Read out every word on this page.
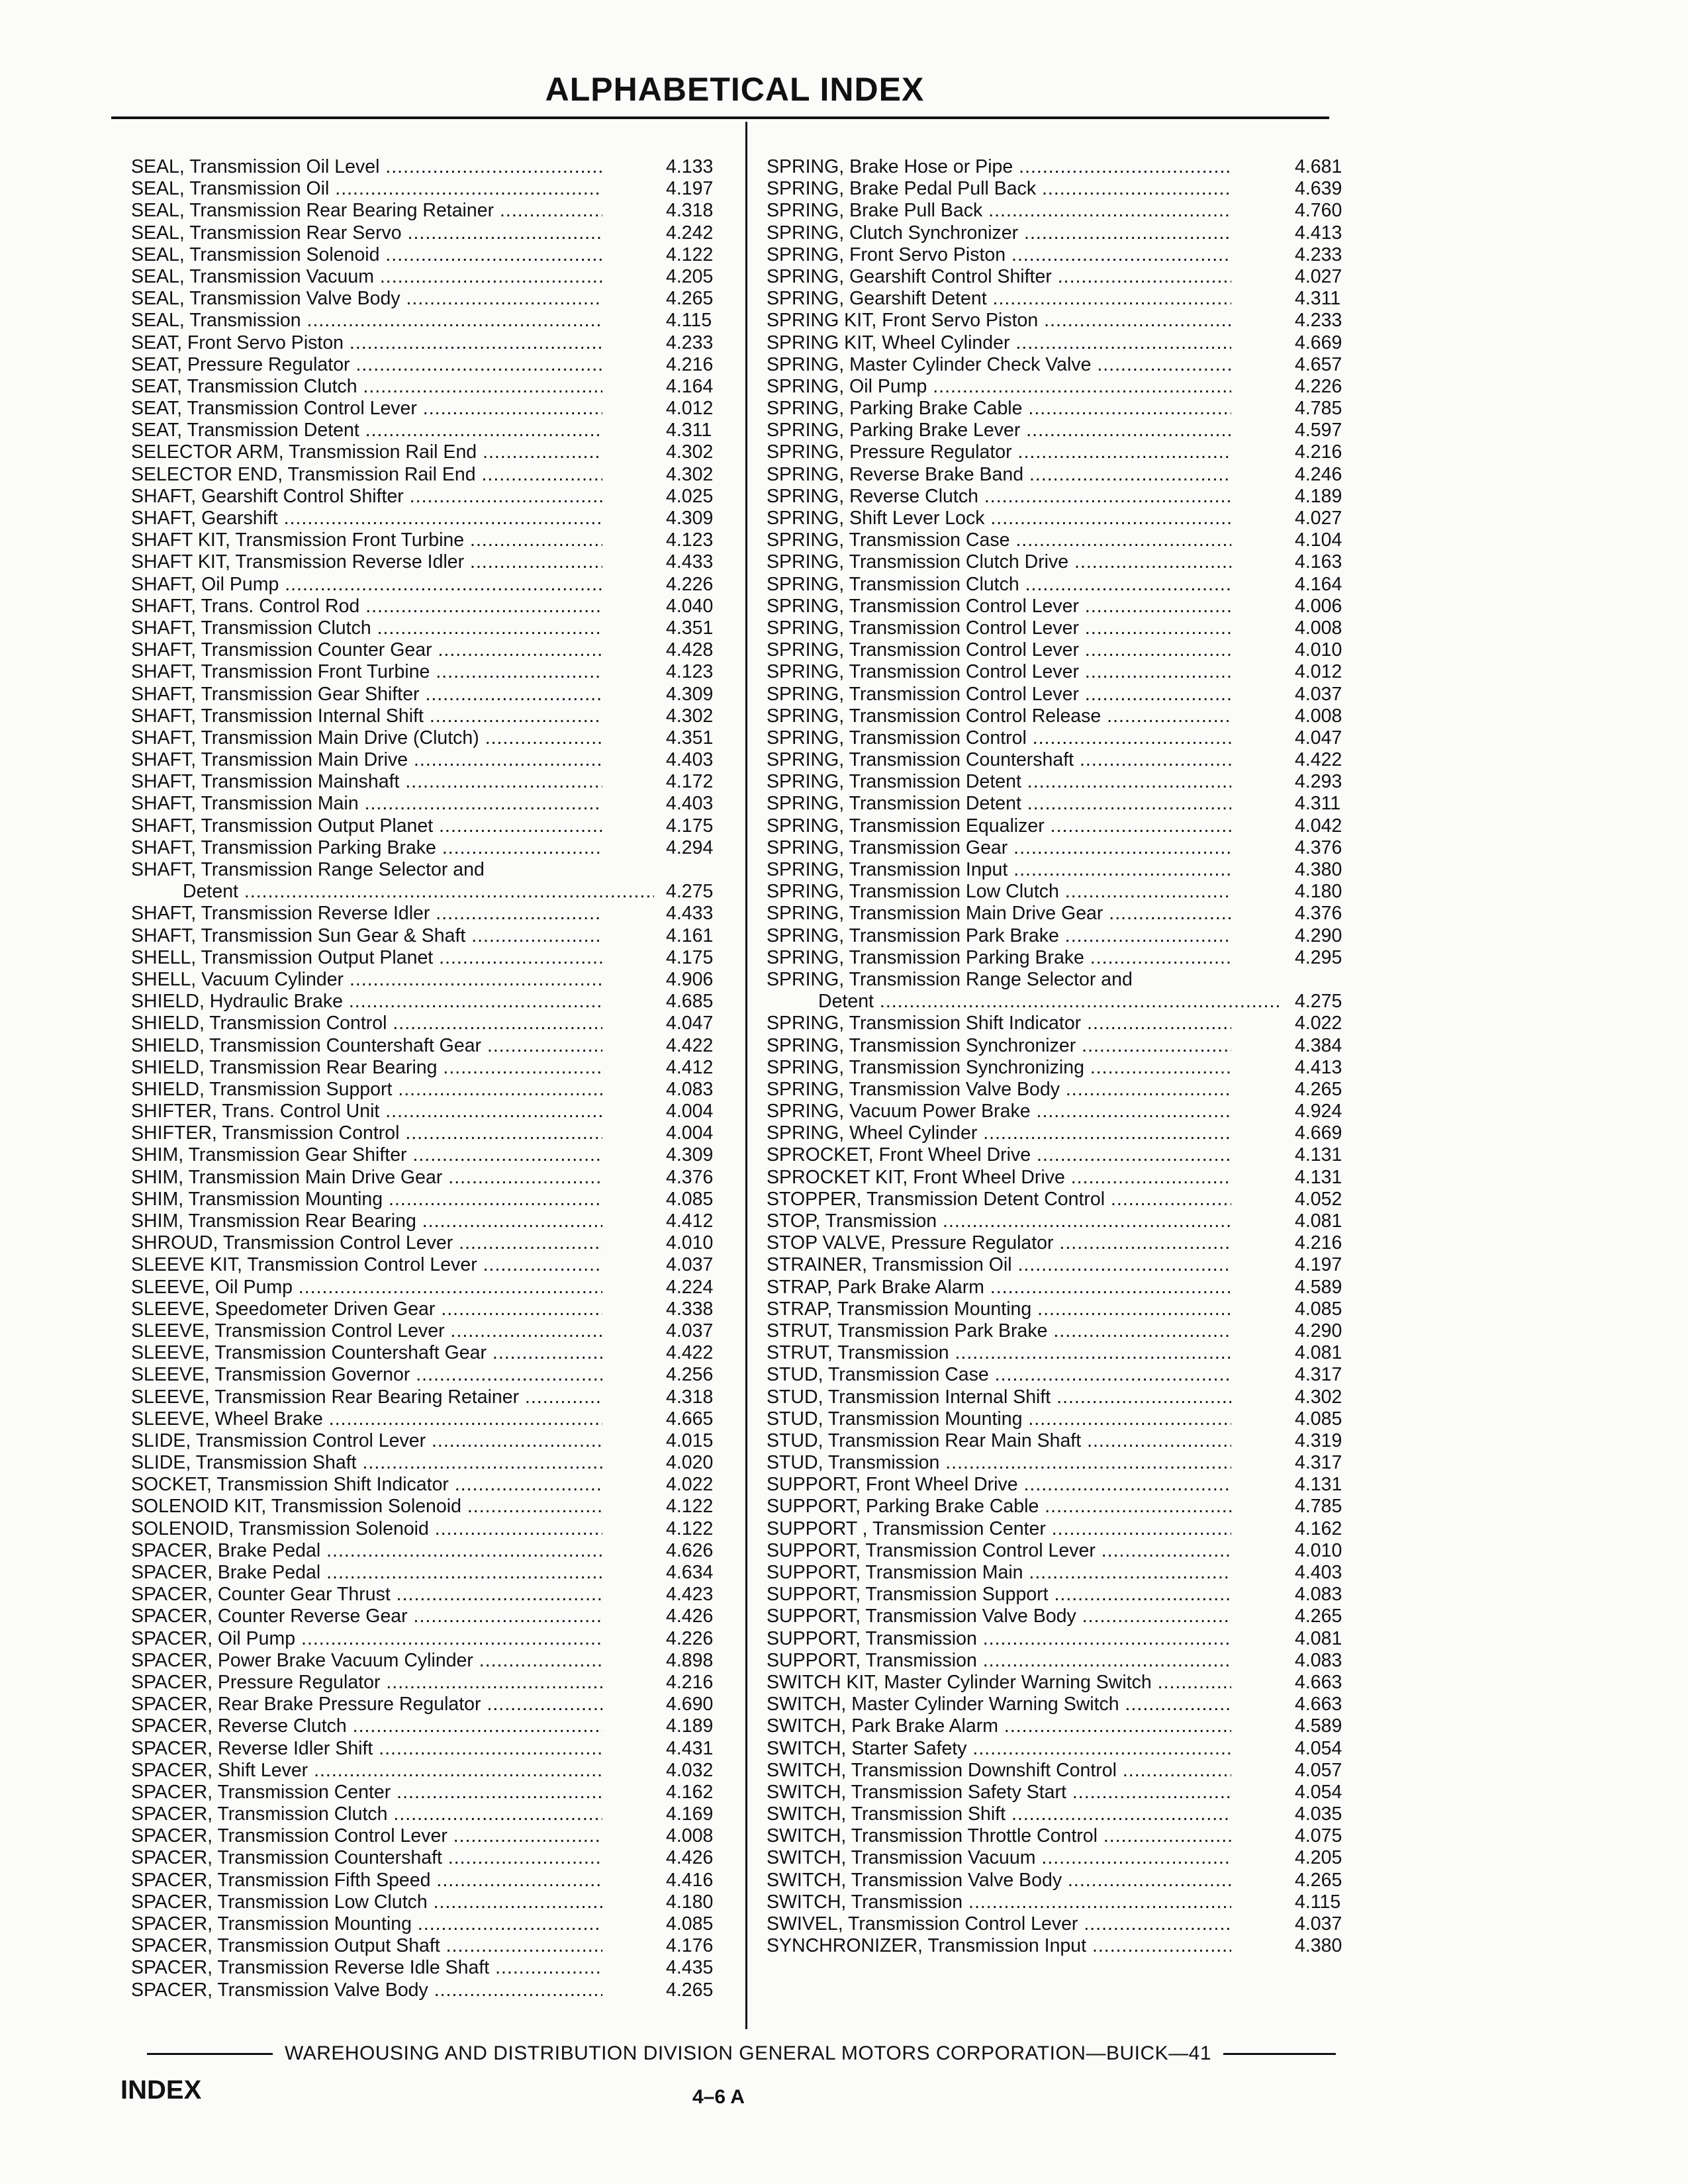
ALPHABETICAL INDEX
SEAL, Transmission Oil Level .....	4.133
SEAL, Transmission Oil .....	4.197
SEAL, Transmission Rear Bearing Retainer .....	4.318
SEAL, Transmission Rear Servo .....	4.242
SEAL, Transmission Solenoid .....	4.122
SEAL, Transmission Vacuum .....	4.205
SEAL, Transmission Valve Body .....	4.265
SEAL, Transmission .....	4.115
SEAT, Front Servo Piston .....	4.233
SEAT, Pressure Regulator .....	4.216
SEAT, Transmission Clutch .....	4.164
SEAT, Transmission Control Lever .....	4.012
SEAT, Transmission Detent .....	4.311
SELECTOR ARM, Transmission Rail End .....	4.302
SELECTOR END, Transmission Rail End .....	4.302
SHAFT, Gearshift Control Shifter .....	4.025
SHAFT, Gearshift .....	4.309
SHAFT KIT, Transmission Front Turbine .....	4.123
SHAFT KIT, Transmission Reverse Idler .....	4.433
SHAFT, Oil Pump .....	4.226
SHAFT, Trans. Control Rod .....	4.040
SHAFT, Transmission Clutch .....	4.351
SHAFT, Transmission Counter Gear .....	4.428
SHAFT, Transmission Front Turbine .....	4.123
SHAFT, Transmission Gear Shifter .....	4.309
SHAFT, Transmission Internal Shift .....	4.302
SHAFT, Transmission Main Drive (Clutch) .....	4.351
SHAFT, Transmission Main Drive .....	4.403
SHAFT, Transmission Mainshaft .....	4.172
SHAFT, Transmission Main .....	4.403
SHAFT, Transmission Output Planet .....	4.175
SHAFT, Transmission Parking Brake .....	4.294
SHAFT, Transmission Range Selector and
Detent .....	4.275
SHAFT, Transmission Reverse Idler .....	4.433
SHAFT, Transmission Sun Gear & Shaft .....	4.161
SHELL, Transmission Output Planet .....	4.175
SHELL, Vacuum Cylinder .....	4.906
SHIELD, Hydraulic Brake .....	4.685
SHIELD, Transmission Control .....	4.047
SHIELD, Transmission Countershaft Gear .....	4.422
SHIELD, Transmission Rear Bearing .....	4.412
SHIELD, Transmission Support .....	4.083
SHIFTER, Trans. Control Unit .....	4.004
SHIFTER, Transmission Control .....	4.004
SHIM, Transmission Gear Shifter .....	4.309
SHIM, Transmission Main Drive Gear .....	4.376
SHIM, Transmission Mounting .....	4.085
SHIM, Transmission Rear Bearing .....	4.412
SHROUD, Transmission Control Lever .....	4.010
SLEEVE KIT, Transmission Control Lever .....	4.037
SLEEVE, Oil Pump .....	4.224
SLEEVE, Speedometer Driven Gear .....	4.338
SLEEVE, Transmission Control Lever .....	4.037
SLEEVE, Transmission Countershaft Gear .....	4.422
SLEEVE, Transmission Governor .....	4.256
SLEEVE, Transmission Rear Bearing Retainer .....	4.318
SLEEVE, Wheel Brake .....	4.665
SLIDE, Transmission Control Lever .....	4.015
SLIDE, Transmission Shaft .....	4.020
SOCKET, Transmission Shift Indicator .....	4.022
SOLENOID KIT, Transmission Solenoid .....	4.122
SOLENOID, Transmission Solenoid .....	4.122
SPACER, Brake Pedal .....	4.626
SPACER, Brake Pedal .....	4.634
SPACER, Counter Gear Thrust .....	4.423
SPACER, Counter Reverse Gear .....	4.426
SPACER, Oil Pump .....	4.226
SPACER, Power Brake Vacuum Cylinder .....	4.898
SPACER, Pressure Regulator .....	4.216
SPACER, Rear Brake Pressure Regulator .....	4.690
SPACER, Reverse Clutch .....	4.189
SPACER, Reverse Idler Shift .....	4.431
SPACER, Shift Lever .....	4.032
SPACER, Transmission Center .....	4.162
SPACER, Transmission Clutch .....	4.169
SPACER, Transmission Control Lever .....	4.008
SPACER, Transmission Countershaft .....	4.426
SPACER, Transmission Fifth Speed .....	4.416
SPACER, Transmission Low Clutch .....	4.180
SPACER, Transmission Mounting .....	4.085
SPACER, Transmission Output Shaft .....	4.176
SPACER, Transmission Reverse Idle Shaft .....	4.435
SPACER, Transmission Valve Body .....	4.265
SPRING, Brake Hose or Pipe .....	4.681
SPRING, Brake Pedal Pull Back .....	4.639
SPRING, Brake Pull Back .....	4.760
SPRING, Clutch Synchronizer .....	4.413
SPRING, Front Servo Piston .....	4.233
SPRING, Gearshift Control Shifter .....	4.027
SPRING, Gearshift Detent .....	4.311
SPRING KIT, Front Servo Piston .....	4.233
SPRING KIT, Wheel Cylinder .....	4.669
SPRING, Master Cylinder Check Valve .....	4.657
SPRING, Oil Pump .....	4.226
SPRING, Parking Brake Cable .....	4.785
SPRING, Parking Brake Lever .....	4.597
SPRING, Pressure Regulator .....	4.216
SPRING, Reverse Brake Band .....	4.246
SPRING, Reverse Clutch .....	4.189
SPRING, Shift Lever Lock .....	4.027
SPRING, Transmission Case .....	4.104
SPRING, Transmission Clutch Drive .....	4.163
SPRING, Transmission Clutch .....	4.164
SPRING, Transmission Control Lever .....	4.006
SPRING, Transmission Control Lever .....	4.008
SPRING, Transmission Control Lever .....	4.010
SPRING, Transmission Control Lever .....	4.012
SPRING, Transmission Control Lever .....	4.037
SPRING, Transmission Control Release .....	4.008
SPRING, Transmission Control .....	4.047
SPRING, Transmission Countershaft .....	4.422
SPRING, Transmission Detent .....	4.293
SPRING, Transmission Detent .....	4.311
SPRING, Transmission Equalizer .....	4.042
SPRING, Transmission Gear .....	4.376
SPRING, Transmission Input .....	4.380
SPRING, Transmission Low Clutch .....	4.180
SPRING, Transmission Main Drive Gear .....	4.376
SPRING, Transmission Park Brake .....	4.290
SPRING, Transmission Parking Brake .....	4.295
SPRING, Transmission Range Selector and
Detent .....	4.275
SPRING, Transmission Shift Indicator .....	4.022
SPRING, Transmission Synchronizer .....	4.384
SPRING, Transmission Synchronizing .....	4.413
SPRING, Transmission Valve Body .....	4.265
SPRING, Vacuum Power Brake .....	4.924
SPRING, Wheel Cylinder .....	4.669
SPROCKET, Front Wheel Drive .....	4.131
SPROCKET KIT, Front Wheel Drive .....	4.131
STOPPER, Transmission Detent Control .....	4.052
STOP, Transmission .....	4.081
STOP VALVE, Pressure Regulator .....	4.216
STRAINER, Transmission Oil .....	4.197
STRAP, Park Brake Alarm .....	4.589
STRAP, Transmission Mounting .....	4.085
STRUT, Transmission Park Brake .....	4.290
STRUT, Transmission .....	4.081
STUD, Transmission Case .....	4.317
STUD, Transmission Internal Shift .....	4.302
STUD, Transmission Mounting .....	4.085
STUD, Transmission Rear Main Shaft .....	4.319
STUD, Transmission .....	4.317
SUPPORT, Front Wheel Drive .....	4.131
SUPPORT, Parking Brake Cable .....	4.785
SUPPORT , Transmission Center .....	4.162
SUPPORT, Transmission Control Lever .....	4.010
SUPPORT, Transmission Main .....	4.403
SUPPORT, Transmission Support .....	4.083
SUPPORT, Transmission Valve Body .....	4.265
SUPPORT, Transmission .....	4.081
SUPPORT, Transmission .....	4.083
SWITCH KIT, Master Cylinder Warning Switch .....	4.663
SWITCH, Master Cylinder Warning Switch .....	4.663
SWITCH, Park Brake Alarm .....	4.589
SWITCH, Starter Safety .....	4.054
SWITCH, Transmission Downshift Control .....	4.057
SWITCH, Transmission Safety Start .....	4.054
SWITCH, Transmission Shift .....	4.035
SWITCH, Transmission Throttle Control .....	4.075
SWITCH, Transmission Vacuum .....	4.205
SWITCH, Transmission Valve Body .....	4.265
SWITCH, Transmission .....	4.115
SWIVEL, Transmission Control Lever .....	4.037
SYNCHRONIZER, Transmission Input .....	4.380
WAREHOUSING AND DISTRIBUTION DIVISION GENERAL MOTORS CORPORATION—BUICK—41
INDEX	4–6 A
